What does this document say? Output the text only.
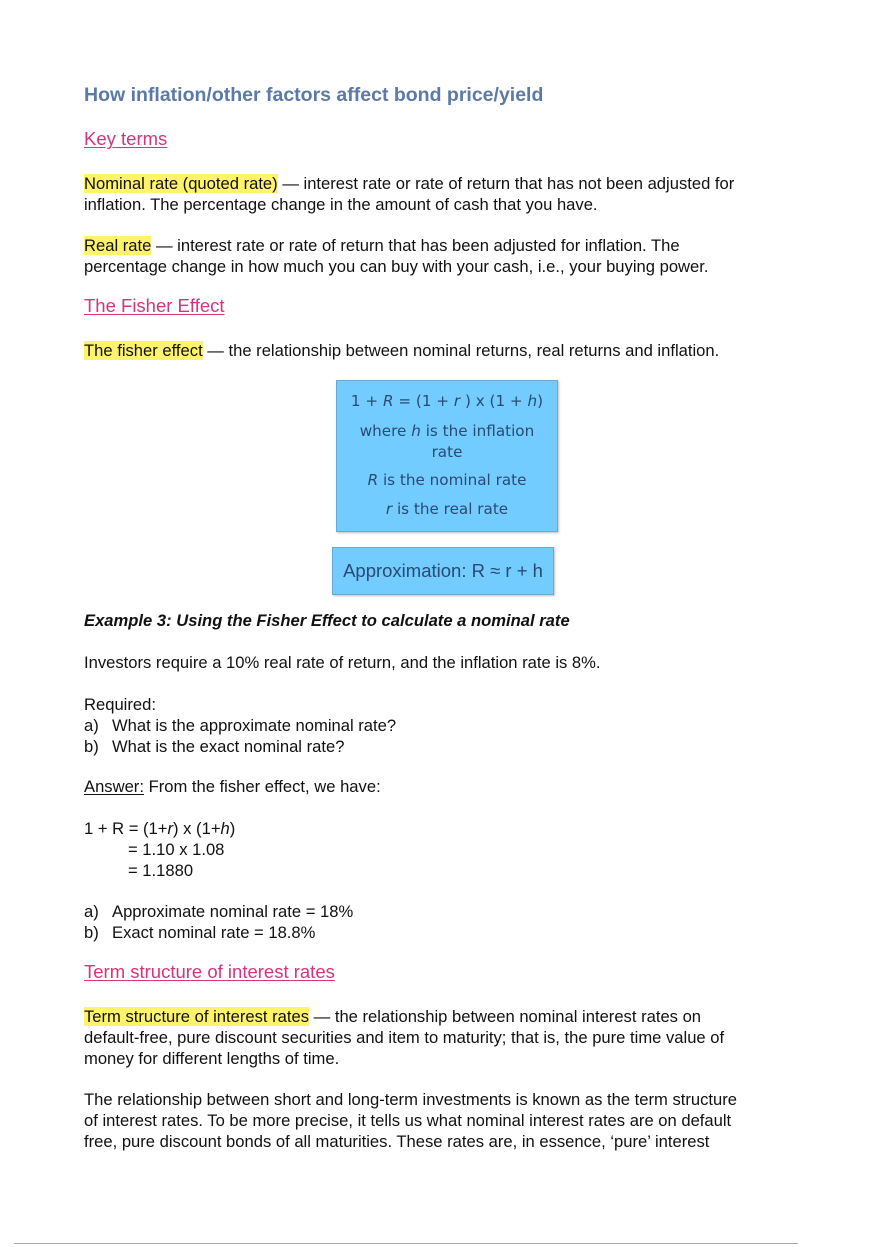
How inflation/other factors affect bond price/yield
Key terms
Nominal rate (quoted rate) — interest rate or rate of return that has not been adjusted for
inflation. The percentage change in the amount of cash that you have.
Real rate — interest rate or rate of return that has been adjusted for inflation. The
percentage change in how much you can buy with your cash, i.e., your buying power.
The Fisher Effect
The fisher effect — the relationship between nominal returns, real returns and inflation.
1 + R = (1 + r ) x (1 + h)
where h is the inflation
rate
R is the nominal rate
r is the real rate
Approximation: R ≈ r + h
Example 3: Using the Fisher Effect to calculate a nominal rate
Investors require a 10% real rate of return, and the inflation rate is 8%.
Required:
a) What is the approximate nominal rate?
b) What is the exact nominal rate?
Answer: From the fisher effect, we have:
1 + R = (1+r) x (1+h)
= 1.10 x 1.08
= 1.1880
a) Approximate nominal rate = 18%
b) Exact nominal rate = 18.8%
Term structure of interest rates
Term structure of interest rates — the relationship between nominal interest rates on
default-free, pure discount securities and item to maturity; that is, the pure time value of
money for different lengths of time.
The relationship between short and long-term investments is known as the term structure
of interest rates. To be more precise, it tells us what nominal interest rates are on default
free, pure discount bonds of all maturities. These rates are, in essence, ‘pure’ interest
